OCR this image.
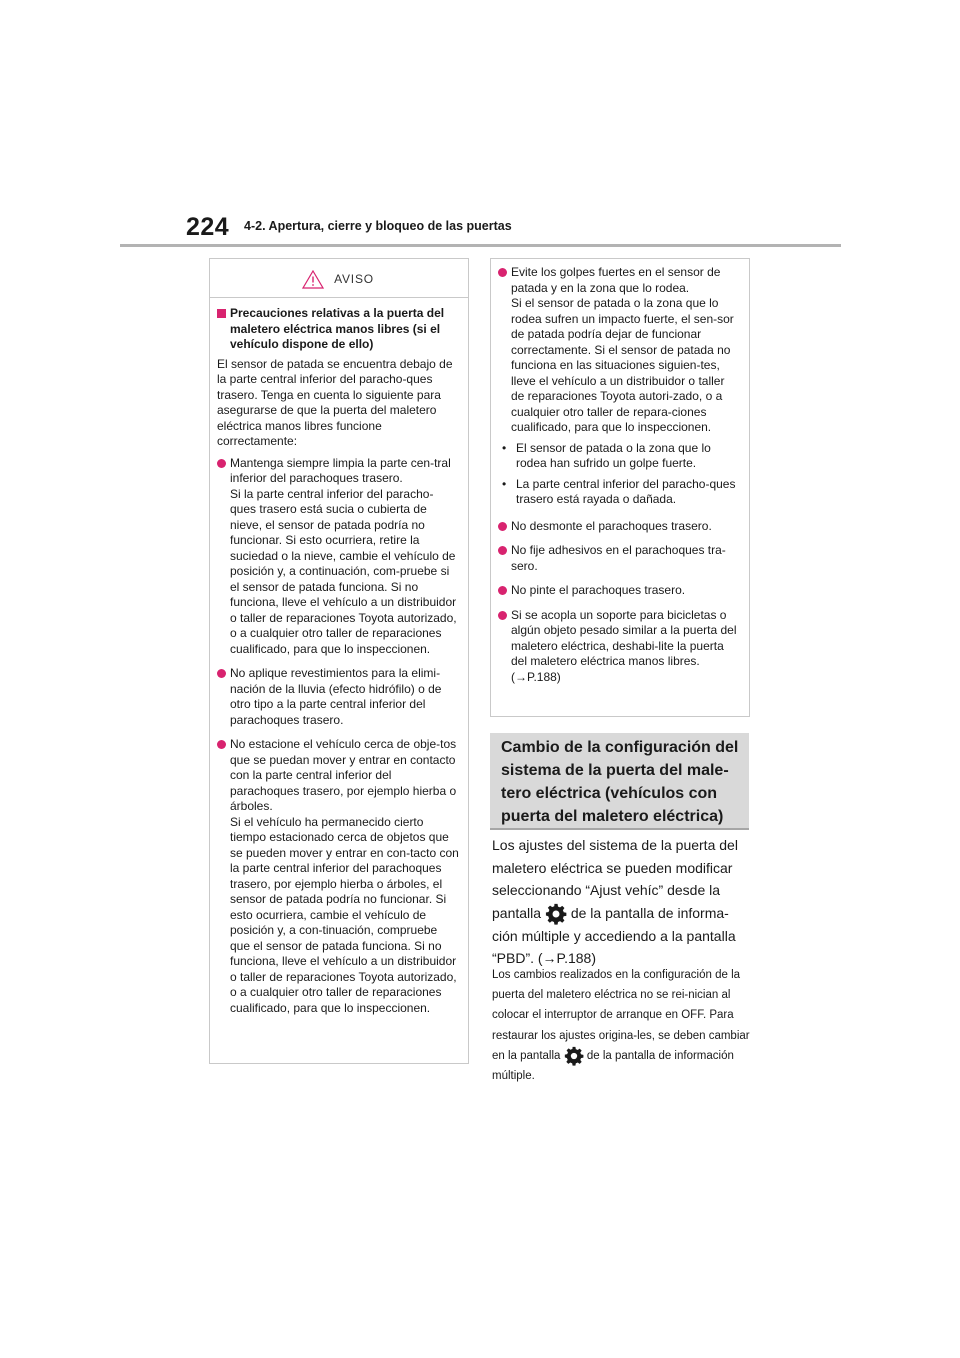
224 4-2. Apertura, cierre y bloqueo de las puertas
AVISO
Precauciones relativas a la puerta del maletero eléctrica manos libres (si el vehículo dispone de ello)

El sensor de patada se encuentra debajo de la parte central inferior del paracho-ques trasero. Tenga en cuenta lo siguiente para asegurarse de que la puerta del maletero eléctrica manos libres funcione correctamente:

Mantenga siempre limpia la parte cen-tral inferior del parachoques trasero.
Si la parte central inferior del paracho-ques trasero está sucia o cubierta de nieve, el sensor de patada podría no funcionar. Si esto ocurriera, retire la suciedad o la nieve, cambie el vehículo de posición y, a continuación, com-pruebe si el sensor de patada funciona. Si no funciona, lleve el vehículo a un distribuidor o taller de reparaciones Toyota autorizado, o a cualquier otro taller de reparaciones cualificado, para que lo inspeccionen.
No aplique revestimientos para la elimi-nación de la lluvia (efecto hidrófilo) o de otro tipo a la parte central inferior del parachoques trasero.
No estacione el vehículo cerca de obje-tos que se puedan mover y entrar en contacto con la parte central inferior del parachoques trasero, por ejemplo hierba o árboles.
Si el vehículo ha permanecido cierto tiempo estacionado cerca de objetos que se pueden mover y entrar en con-tacto con la parte central inferior del parachoques trasero, por ejemplo hierba o árboles, el sensor de patada podría no funcionar. Si esto ocurriera, cambie el vehículo de posición y, a con-tinuación, compruebe que el sensor de patada funciona. Si no funciona, lleve el vehículo a un distribuidor o taller de reparaciones Toyota autorizado, o a cualquier otro taller de reparaciones cualificado, para que lo inspeccionen.
Evite los golpes fuertes en el sensor de patada y en la zona que lo rodea.
Si el sensor de patada o la zona que lo rodea sufren un impacto fuerte, el sen-sor de patada podría dejar de funcionar correctamente. Si el sensor de patada no funciona en las situaciones siguien-tes, lleve el vehículo a un distribuidor o taller de reparaciones Toyota autori-zado, o a cualquier otro taller de repara-ciones cualificado, para que lo inspeccionen.
• El sensor de patada o la zona que lo rodea han sufrido un golpe fuerte.
• La parte central inferior del paracho-ques trasero está rayada o dañada.
No desmonte el parachoques trasero.
No fije adhesivos en el parachoques tra-sero.
No pinte el parachoques trasero.
Si se acopla un soporte para bicicletas o algún objeto pesado similar a la puerta del maletero eléctrica, deshabi-lite la puerta del maletero eléctrica manos libres. (→P.188)
Cambio de la configuración del sistema de la puerta del male-tero eléctrica (vehículos con puerta del maletero eléctrica)
Los ajustes del sistema de la puerta del maletero eléctrica se pueden modificar seleccionando “Ajust vehíc” desde la pantalla de la pantalla de informa-ción múltiple y accediendo a la pantalla “PBD”. (→P.188)
Los cambios realizados en la configuración de la puerta del maletero eléctrica no se rei-nician al colocar el interruptor de arranque en OFF. Para restaurar los ajustes origina-les, se deben cambiar en la pantalla de la pantalla de información múltiple.
